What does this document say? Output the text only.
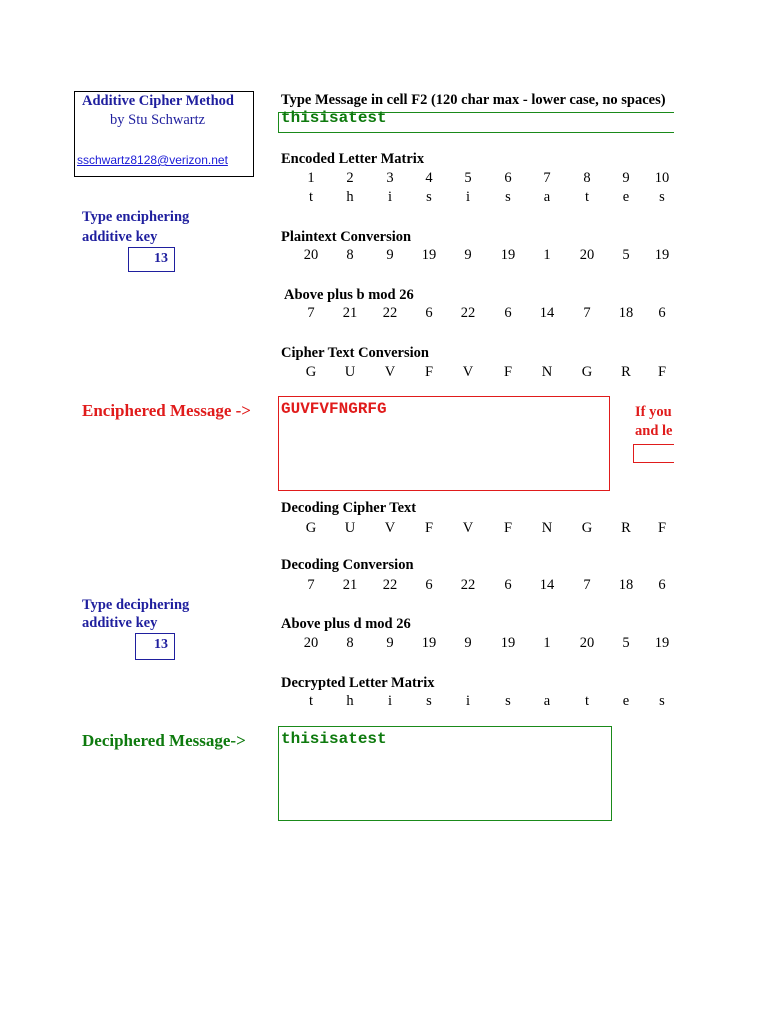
Additive Cipher Method
by Stu Schwartz
sschwartz8128@verizon.net
Type Message in cell F2 (120 char max - lower case, no spaces)
thisisatest
Encoded Letter Matrix
1	2	3	4	5	6	7	8	9	10
t	h	i	s	i	s	a	t	e	s
Type enciphering
additive key
13
Plaintext Conversion
20	8	9	19	9	19	1	20	5	19
Above plus b mod 26
7	21	22	6	22	6	14	7	18	6
Cipher Text Conversion
G	U	V	F	V	F	N	G	R	F
Enciphered Message -> GUVFVFNGRFG	If you
and le
Decoding Cipher Text
G	U	V	F	V	F	N	G	R	F
Decoding Conversion
7	21	22	6	22	6	14	7	18	6
Type deciphering
additive key
13
Above plus d mod 26
20	8	9	19	9	19	1	20	5	19
Decrypted Letter Matrix
t	h	i	s	i	s	a	t	e	s
Deciphered Message-> thisisatest
